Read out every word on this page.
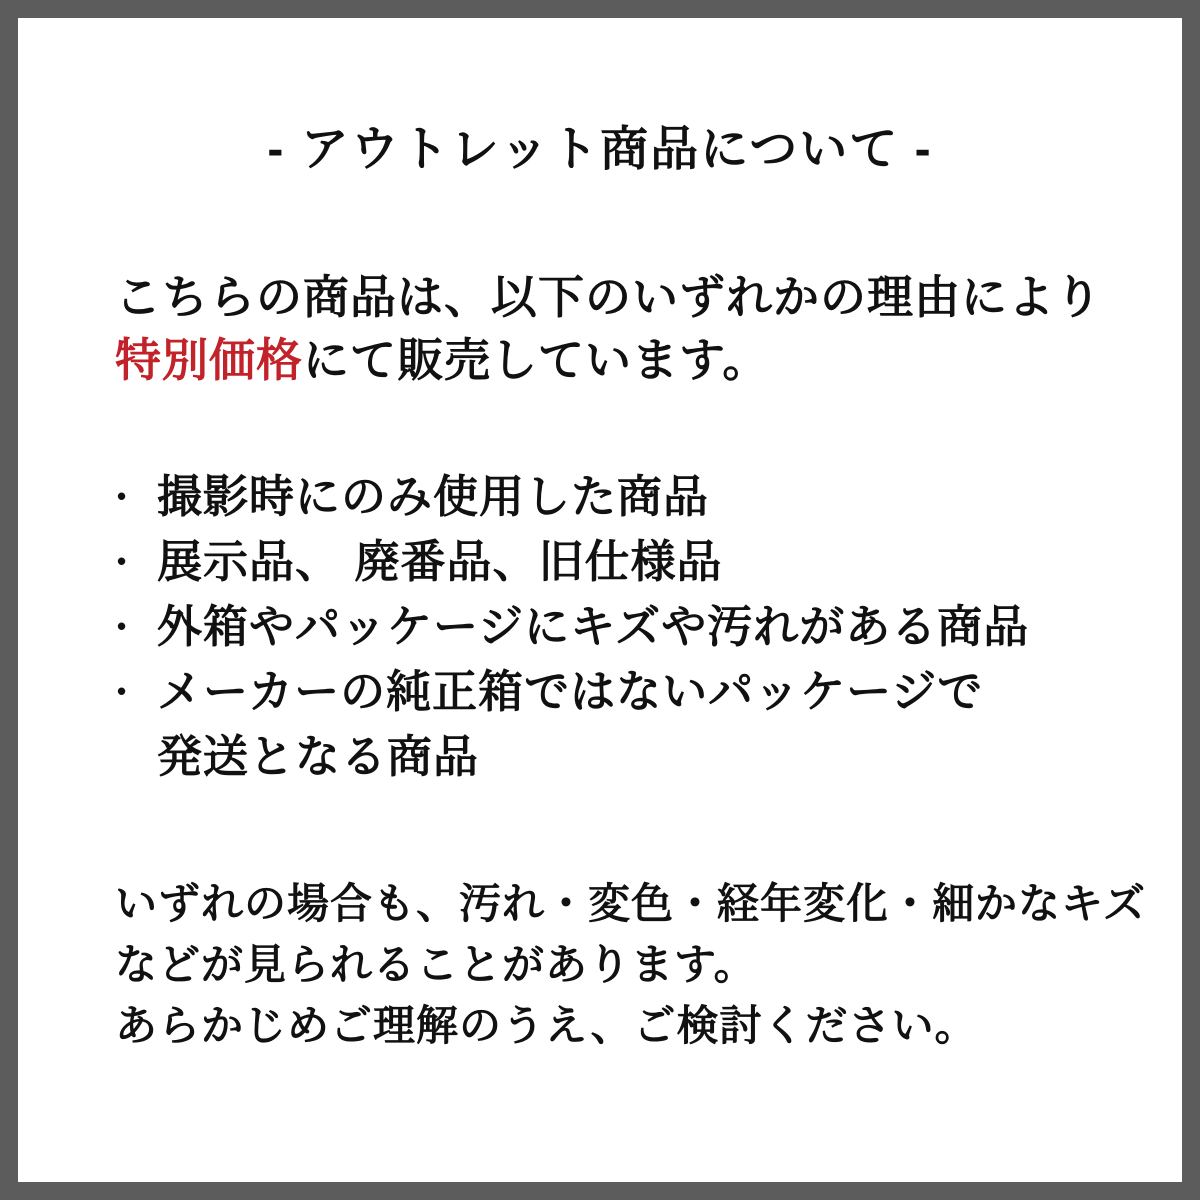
- アウトレット商品について -

こちらの商品は、以下のいずれかの理由により
特別価格にて販売しています。

• 撮影時にのみ使用した商品
• 展示品、 廃番品、旧仕様品
• 外箱やパッケージにキズや汚れがある商品
• メーカーの純正箱ではないパッケージで
発送となる商品

いずれの場合も、汚れ・変色・経年変化・細かなキズ
などが見られることがあります。
あらかじめご理解のうえ、ご検討ください。
